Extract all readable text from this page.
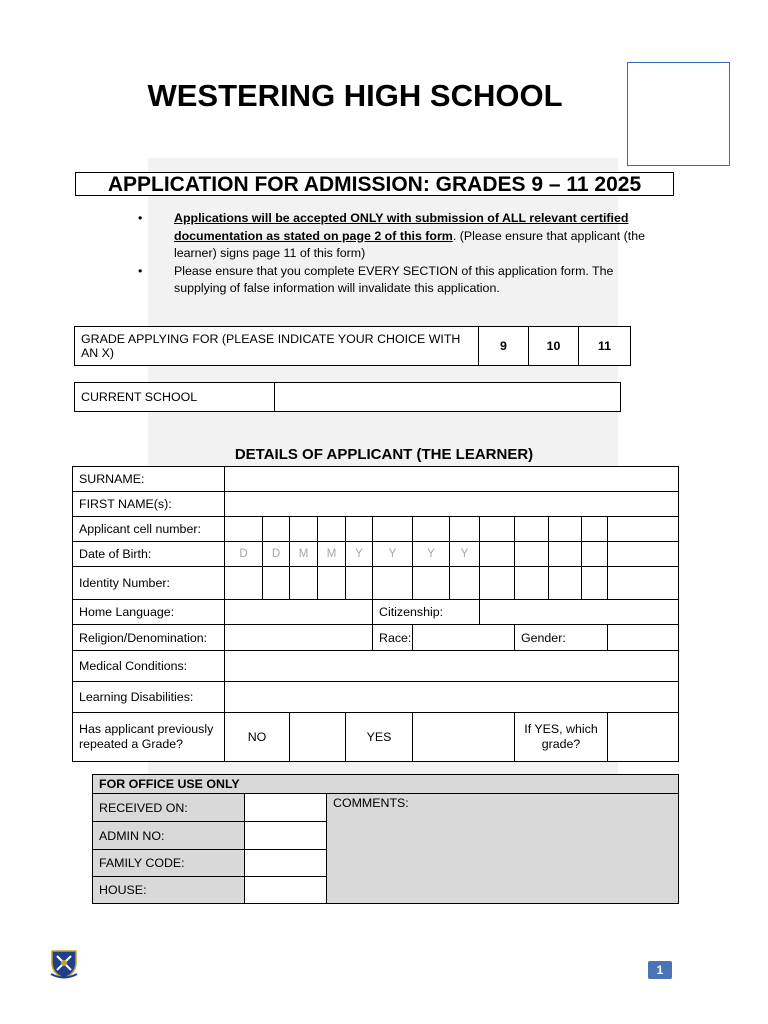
WESTERING HIGH SCHOOL
APPLICATION FOR ADMISSION: GRADES 9 – 11 2025
•	Applications will be accepted ONLY with submission of ALL relevant certified documentation as stated on page 2 of this form. (Please ensure that applicant (the learner) signs page 11 of this form)
•	Please ensure that you complete EVERY SECTION of this application form. The supplying of false information will invalidate this application.
GRADE APPLYING FOR (PLEASE INDICATE YOUR CHOICE WITH AN X)	9	10	11
CURRENT SCHOOL	
DETAILS OF APPLICANT (THE LEARNER)
SURNAME:													
FIRST NAME(s):													
Applicant cell number:													
Date of Birth:	D	D	M	M	Y	Y	Y	Y					
Identity Number:													
Home Language:						Citizenship:							
Religion/Denomination:						Race:				Gender:			
Medical Conditions:													
Learning Disabilities:													
Has applicant previously repeated a Grade?	NO				YES					If YES, which grade?			
FOR OFFICE USE ONLY		
RECEIVED ON:		COMMENTS:
ADMIN NO:		
FAMILY CODE:		
HOUSE:		
1
